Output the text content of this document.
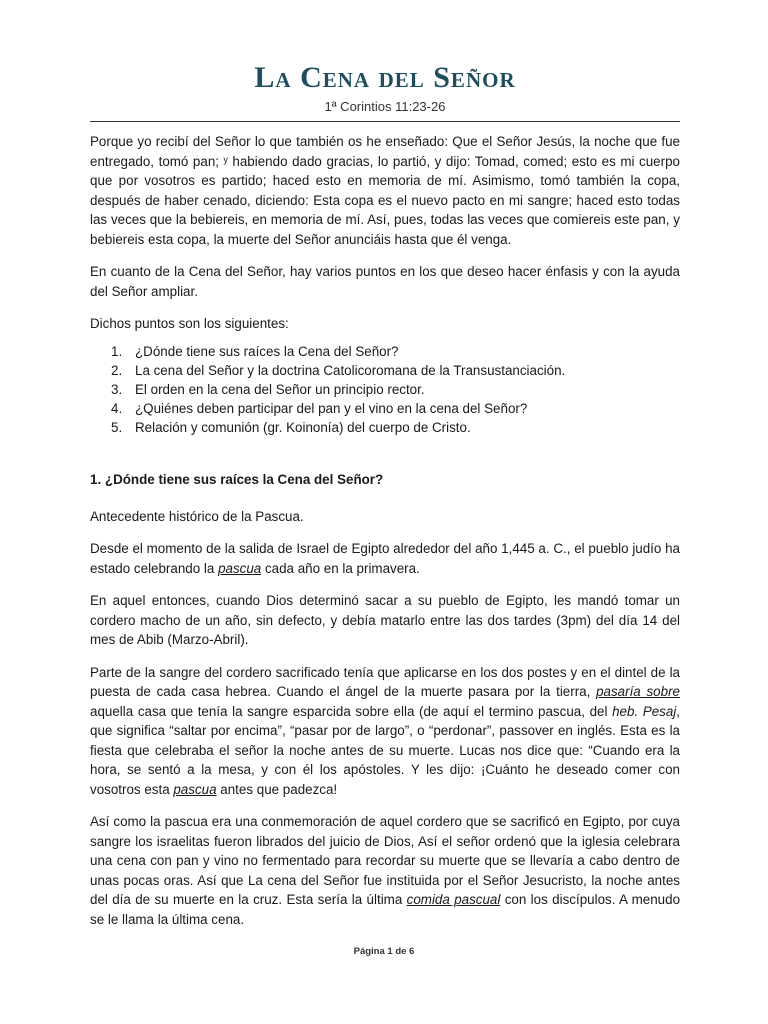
La Cena del Señor
1ª Corintios 11:23-26

Porque yo recibí del Señor lo que también os he enseñado: Que el Señor Jesús, la noche que fue entregado, tomó pan; ʸ habiendo dado gracias, lo partió, y dijo: Tomad, comed; esto es mi cuerpo que por vosotros es partido; haced esto en memoria de mí. Asimismo, tomó también la copa, después de haber cenado, diciendo: Esta copa es el nuevo pacto en mi sangre; haced esto todas las veces que la bebiereis, en memoria de mí. Así, pues, todas las veces que comiereis este pan, y bebiereis esta copa, la muerte del Señor anunciáis hasta que él venga.

En cuanto de la Cena del Señor, hay varios puntos en los que deseo hacer énfasis y con la ayuda del Señor ampliar.

Dichos puntos son los siguientes:

1. ¿Dónde tiene sus raíces la Cena del Señor?
2. La cena del Señor y la doctrina Catolicoromana de la Transustanciación.
3. El orden en la cena del Señor un principio rector.
4. ¿Quiénes deben participar del pan y el vino en la cena del Señor?
5. Relación y comunión (gr. Koinonía) del cuerpo de Cristo.
1. ¿Dónde tiene sus raíces la Cena del Señor?

Antecedente histórico de la Pascua.

Desde el momento de la salida de Israel de Egipto alrededor del año 1,445 a. C., el pueblo judío ha estado celebrando la pascua cada año en la primavera.

En aquel entonces, cuando Dios determinó sacar a su pueblo de Egipto, les mandó tomar un cordero macho de un año, sin defecto, y debía matarlo entre las dos tardes (3pm) del día 14 del mes de Abib (Marzo-Abril).

Parte de la sangre del cordero sacrificado tenía que aplicarse en los dos postes y en el dintel de la puesta de cada casa hebrea. Cuando el ángel de la muerte pasara por la tierra, pasaría sobre aquella casa que tenía la sangre esparcida sobre ella (de aquí el termino pascua, del heb. Pesaj, que significa “saltar por encima”, “pasar por de largo”, o “perdonar”, passover en inglés. Esta es la fiesta que celebraba el señor la noche antes de su muerte. Lucas nos dice que: “Cuando era la hora, se sentó a la mesa, y con él los apóstoles. Y les dijo: ¡Cuánto he deseado comer con vosotros esta pascua antes que padezca!

Así como la pascua era una conmemoración de aquel cordero que se sacrificó en Egipto, por cuya sangre los israelitas fueron librados del juicio de Dios, Así el señor ordenó que la iglesia celebrara una cena con pan y vino no fermentado para recordar su muerte que se llevaría a cabo dentro de unas pocas oras. Así que La cena del Señor fue instituida por el Señor Jesucristo, la noche antes del día de su muerte en la cruz. Esta sería la última comida pascual con los discípulos. A menudo se le llama la última cena.

Página 1 de 6
